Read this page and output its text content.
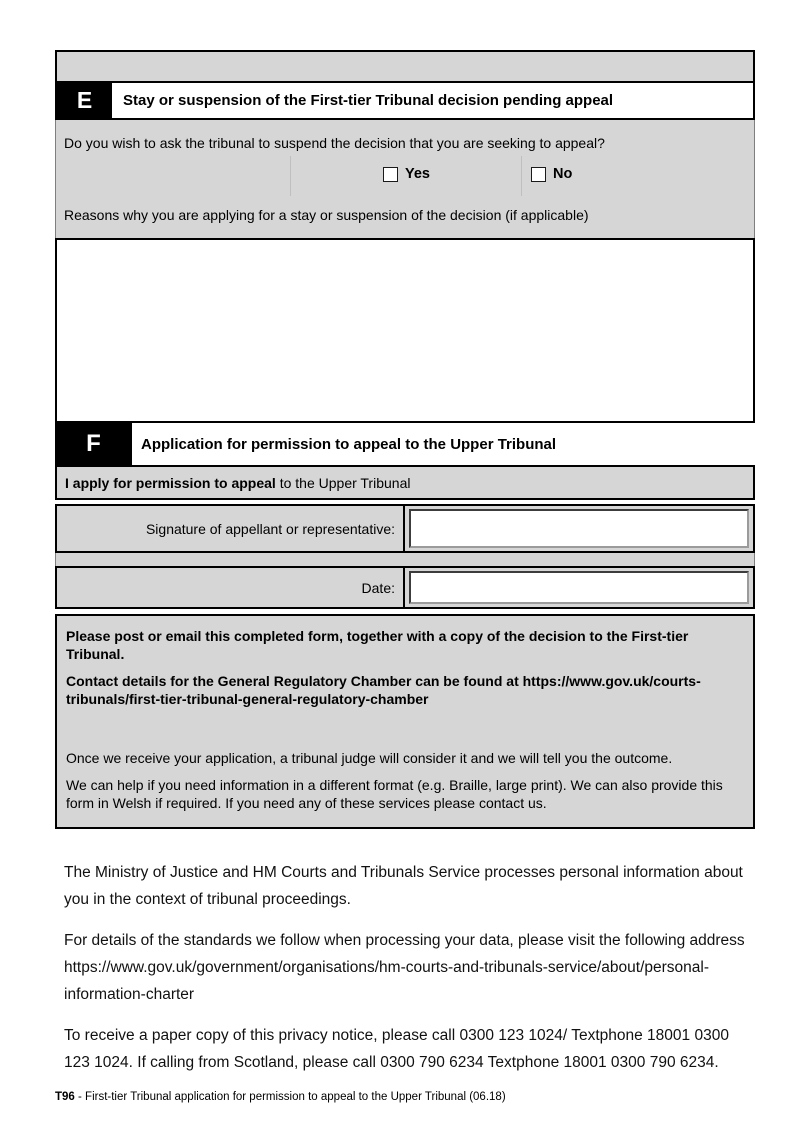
E	Stay or suspension of the First-tier Tribunal decision pending appeal
Do you wish to ask the tribunal to suspend the decision that you are seeking to appeal?
Yes	No
Reasons why you are applying for a stay or suspension of the decision (if applicable)
F	Application for permission to appeal to the Upper Tribunal
I apply for permission to appeal to the Upper Tribunal
Signature of appellant or representative:
Date:

Please post or email this completed form, together with a copy of the decision to the First-tier Tribunal.

Contact details for the General Regulatory Chamber can be found at https://www.gov.uk/courts-tribunals/first-tier-tribunal-general-regulatory-chamber

Once we receive your application, a tribunal judge will consider it and we will tell you the outcome.

We can help if you need information in a different format (e.g. Braille, large print). We can also provide this form in Welsh if required. If you need any of these services please contact us.

The Ministry of Justice and HM Courts and Tribunals Service processes personal information about you in the context of tribunal proceedings.

For details of the standards we follow when processing your data, please visit the following address https://www.gov.uk/government/organisations/hm-courts-and-tribunals-service/about/personal-information-charter

To receive a paper copy of this privacy notice, please call 0300 123 1024/ Textphone 18001 0300 123 1024. If calling from Scotland, please call 0300 790 6234 Textphone 18001 0300 790 6234.

T96 - First-tier Tribunal application for permission to appeal to the Upper Tribunal (06.18)
